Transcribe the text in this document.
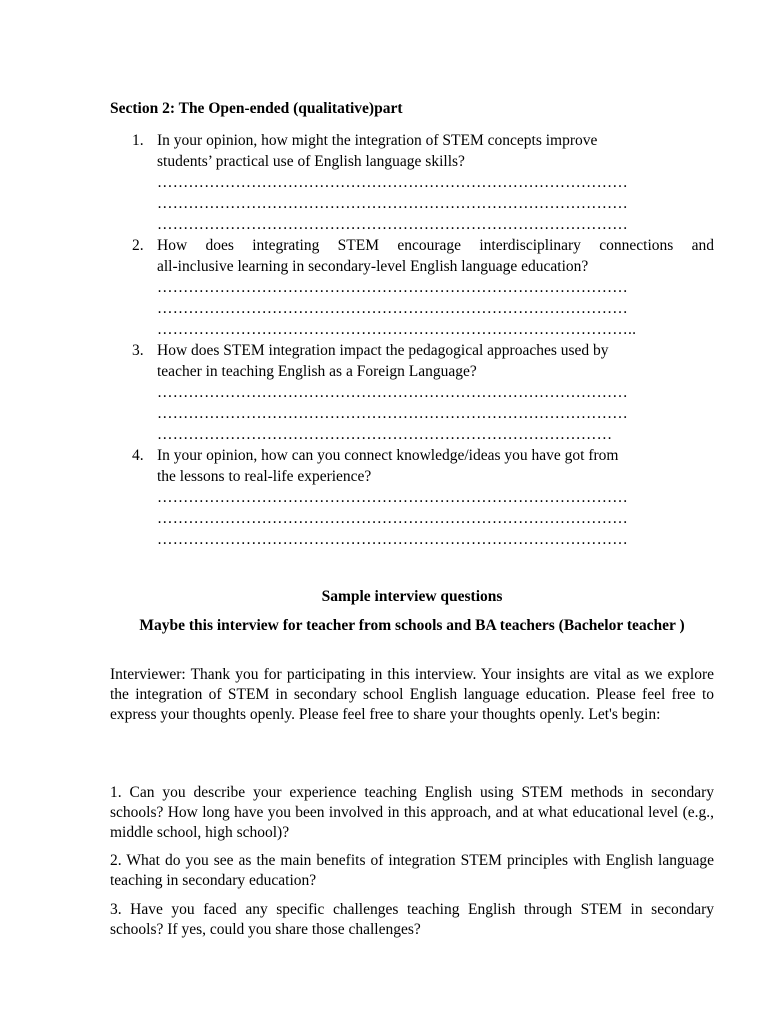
Section 2: The Open-ended (qualitative)part
1. In your opinion, how might the integration of STEM concepts improve
students’ practical use of English language skills?
………………………………………………………………………………
………………………………………………………………………………
………………………………………………………………………………
2. How does integrating STEM encourage interdisciplinary connections and
all-inclusive learning in secondary-level English language education?
………………………………………………………………………………
………………………………………………………………………………
………………………………………………………………………………..
3. How does STEM integration impact the pedagogical approaches used by
teacher in teaching English as a Foreign Language?
………………………………………………………………………………
………………………………………………………………………………
……………………………………………………………………………
4. In your opinion, how can you connect knowledge/ideas you have got from
the lessons to real-life experience?
………………………………………………………………………………
………………………………………………………………………………
………………………………………………………………………………
Sample interview questions
Maybe this interview for teacher from schools and BA teachers (Bachelor teacher )
Interviewer: Thank you for participating in this interview. Your insights are vital as we explore the integration of STEM in secondary school English language education. Please feel free to express your thoughts openly. Please feel free to share your thoughts openly. Let's begin:
1. Can you describe your experience teaching English using STEM methods in secondary schools? How long have you been involved in this approach, and at what educational level (e.g., middle school, high school)?
2. What do you see as the main benefits of integration STEM principles with English language teaching in secondary education?
3. Have you faced any specific challenges teaching English through STEM in secondary schools? If yes, could you share those challenges?
